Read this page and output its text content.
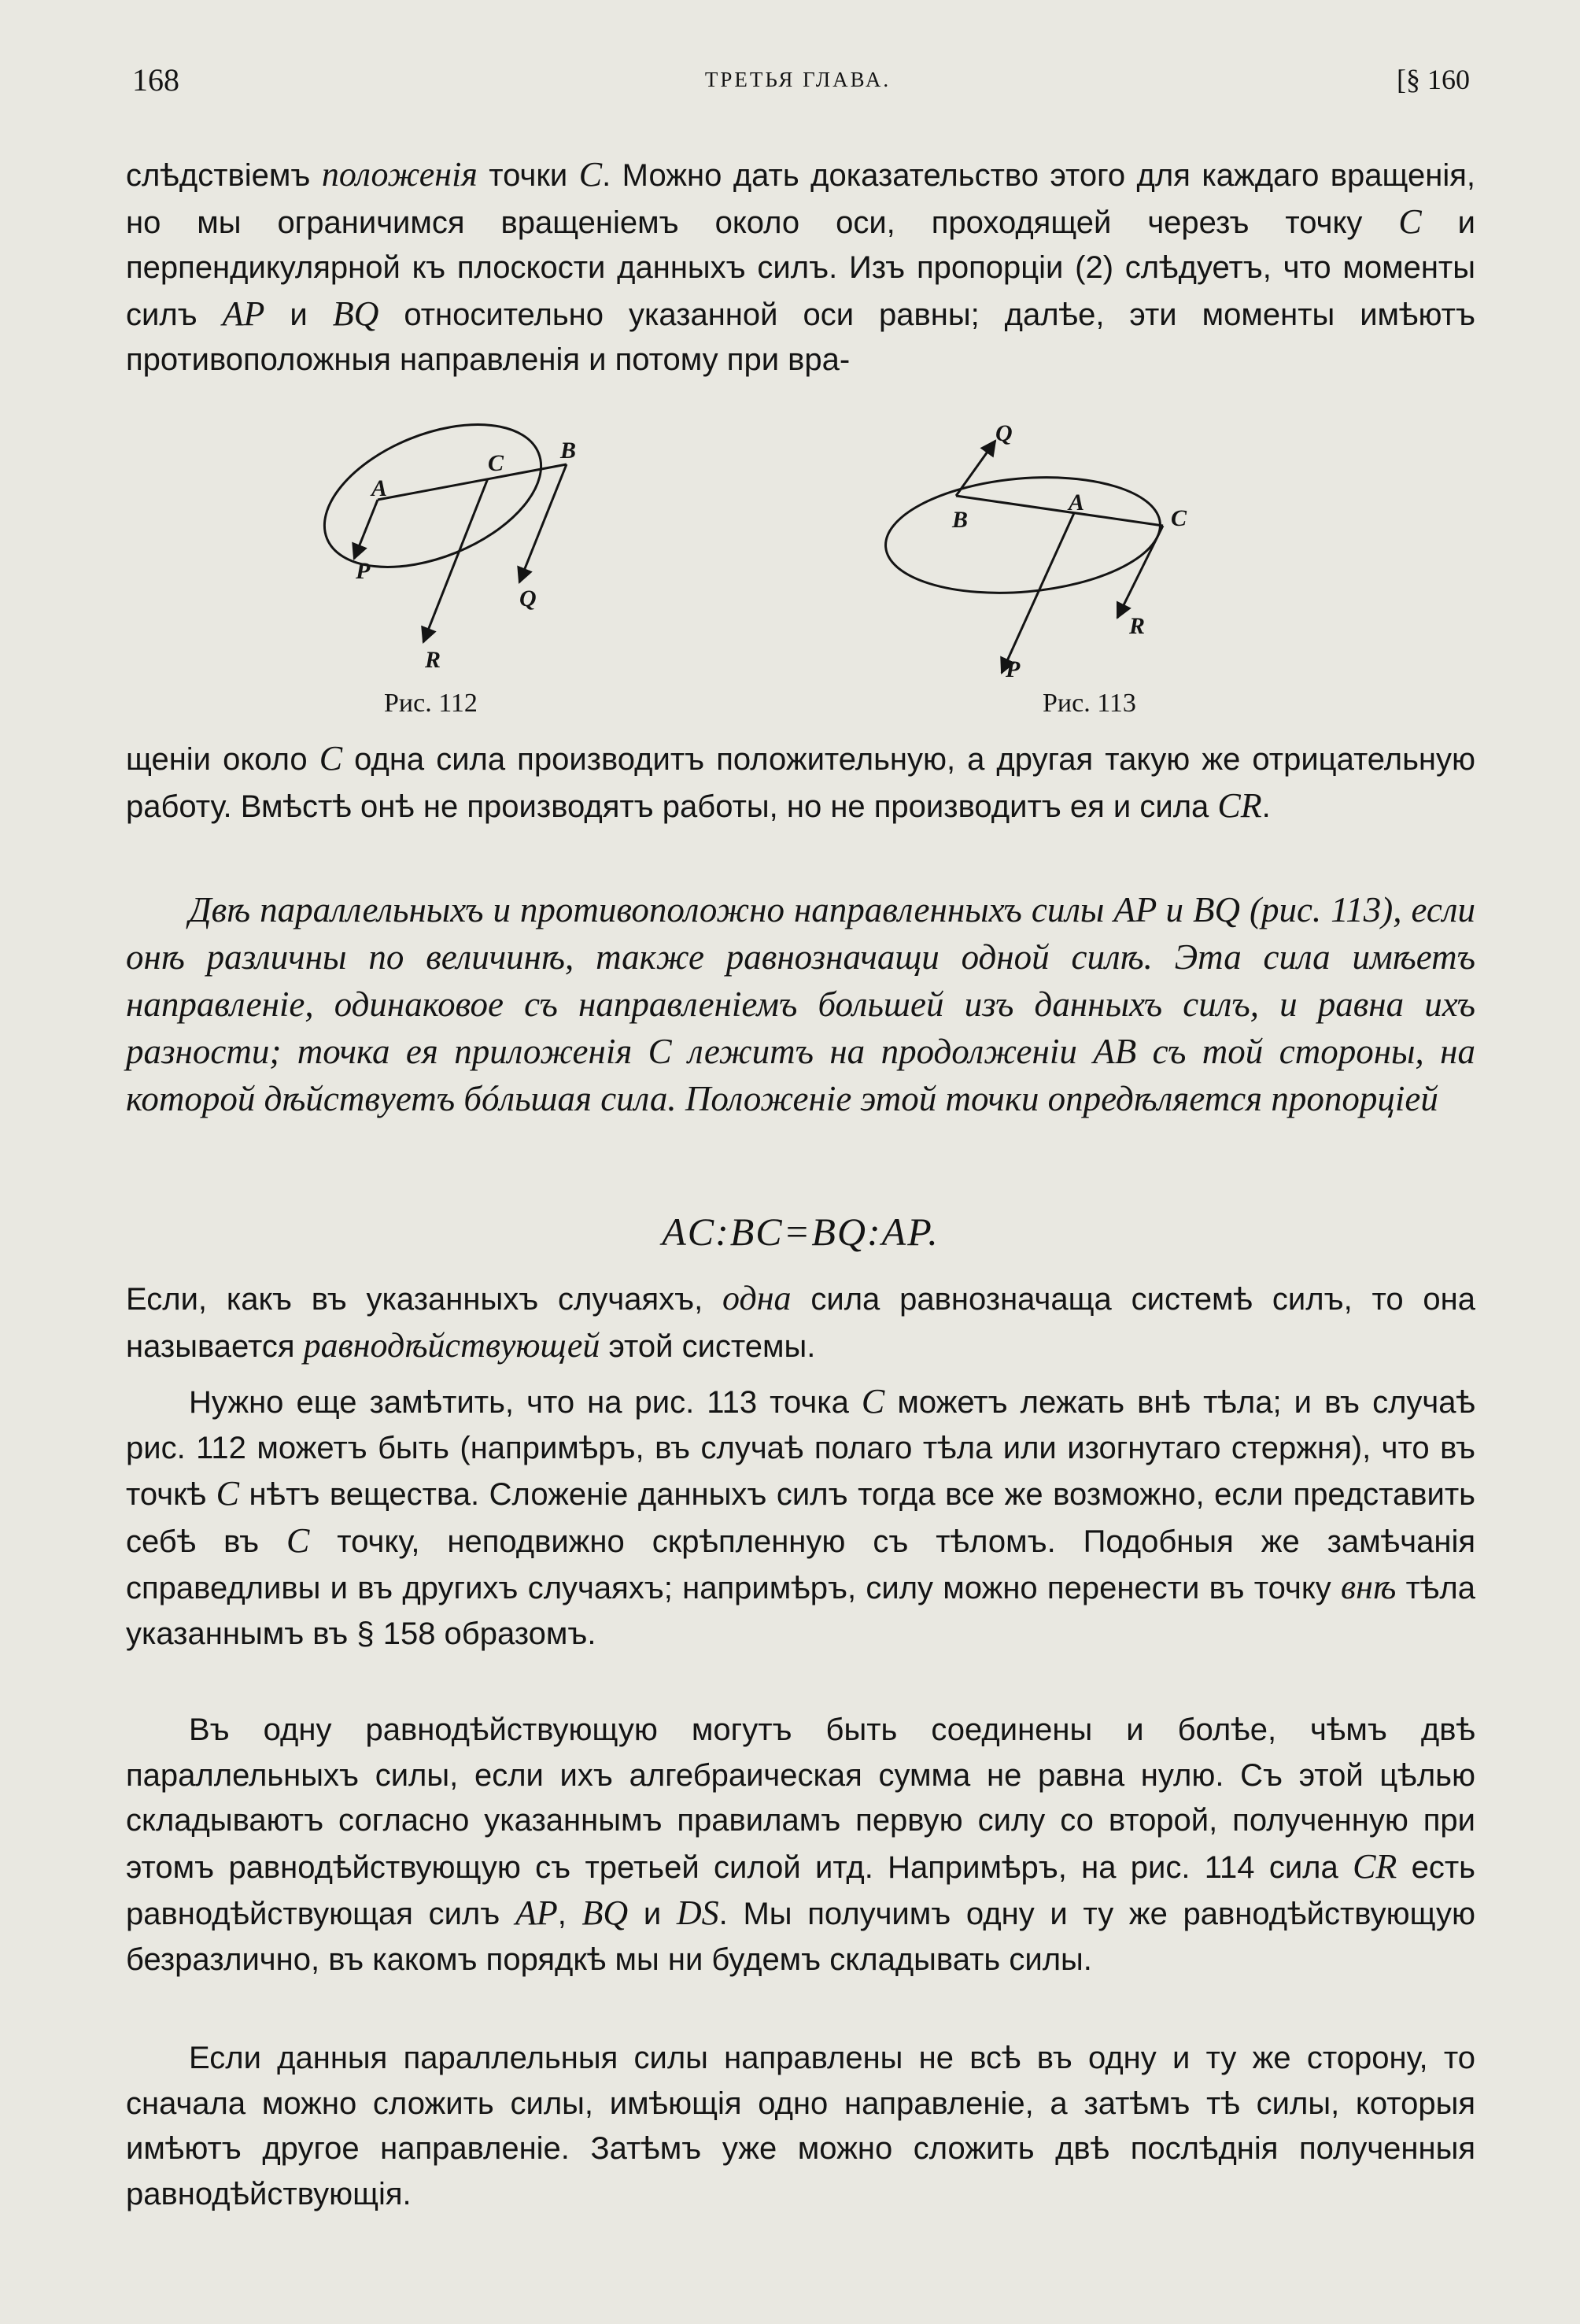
168	ТРЕТЬЯ ГЛАВА.	[§ 160

слѣдствіемъ положенія точки C. Можно дать доказательство этого для каждаго вращенія, но мы ограничимся вращеніемъ около оси, проходящей черезъ точку C и перпендикулярной къ плоскости данныхъ силъ. Изъ пропорціи (2) слѣдуетъ, что моменты силъ AP и BQ относительно указанной оси равны; далѣе, эти моменты имѣютъ противоположныя направленія и потому при вра-

A
C B
P
Q
R
Q
B
A
C
R
P
Рис. 112	Рис. 113

щеніи около C одна сила производитъ положительную, а другая такую же отрицательную работу. Вмѣстѣ онѣ не производятъ работы, но не производитъ ея и сила CR.

Двѣ параллельныхъ и противоположно направленныхъ силы AP и BQ (рис. 113), если онѣ различны по величинѣ, также равнозначащи одной силѣ. Эта сила имѣетъ направленіе, одинаковое съ направленіемъ большей изъ данныхъ силъ, и равна ихъ разности; точка ея приложенія C лежитъ на продолженіи AB съ той стороны, на которой дѣйствуетъ бóльшая сила. Положеніе этой точки опредѣляется пропорціей

AC:BC=BQ:AP.

Если, какъ въ указанныхъ случаяхъ, одна сила равнозначаща системѣ силъ, то она называется равнодѣйствующей этой системы.

Нужно еще замѣтить, что на рис. 113 точка C можетъ лежать внѣ тѣла; и въ случаѣ рис. 112 можетъ быть (напримѣръ, въ случаѣ полаго тѣла или изогнутаго стержня), что въ точкѣ C нѣтъ вещества. Сложеніе данныхъ силъ тогда все же возможно, если представить себѣ въ C точку, неподвижно скрѣпленную съ тѣломъ. Подобныя же замѣчанія справедливы и въ другихъ случаяхъ; напримѣръ, силу можно перенести въ точку внѣ тѣла указаннымъ въ § 158 образомъ.

Въ одну равнодѣйствующую могутъ быть соединены и болѣе, чѣмъ двѣ параллельныхъ силы, если ихъ алгебраическая сумма не равна нулю. Съ этой цѣлью складываютъ согласно указаннымъ правиламъ первую силу со второй, полученную при этомъ равнодѣйствующую съ третьей силой итд. Напримѣръ, на рис. 114 сила CR есть равнодѣйствующая силъ AP, BQ и DS. Мы получимъ одну и ту же равнодѣйствующую безразлично, въ какомъ порядкѣ мы ни будемъ складывать силы.

Если данныя параллельныя силы направлены не всѣ въ одну и ту же сторону, то сначала можно сложить силы, имѣющія одно направленіе, а затѣмъ тѣ силы, которыя имѣютъ другое направленіе. Затѣмъ уже можно сложить двѣ послѣднія полученныя равнодѣйствующія.
